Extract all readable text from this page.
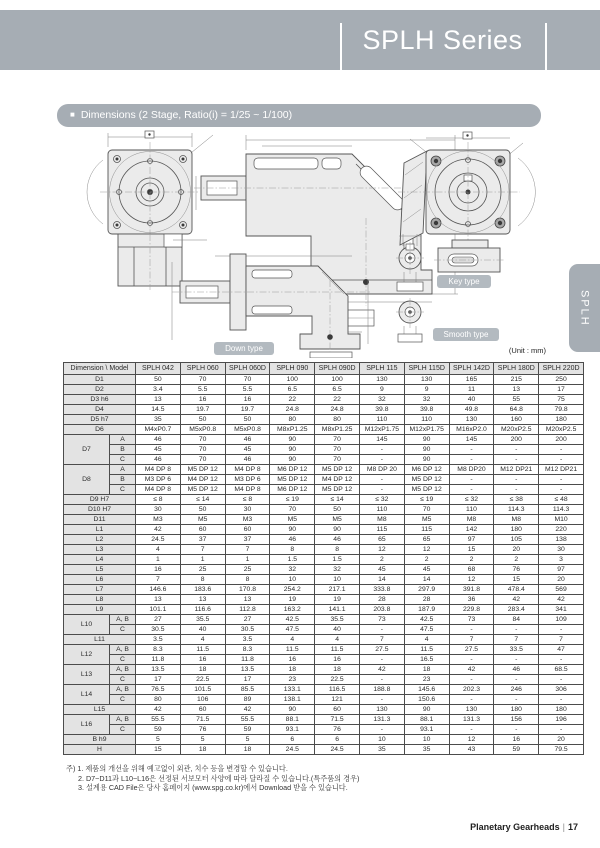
SPLH Series
■ Dimensions (2 Stage, Ratio(i) = 1/25 ~ 1/100)
Down type
Key type
Smooth type
(Unit : mm)
Dimension \ Model		SPLH 042	SPLH 060	SPLH 060D	SPLH 090	SPLH 090D	SPLH 115	SPLH 115D	SPLH 142D	SPLH 180D	SPLH 220D
D1		50	70	70	100	100	130	130	165	215	250
D2		3.4	5.5	5.5	6.5	6.5	9	9	11	13	17
D3 h6		13	16	16	22	22	32	32	40	55	75
D4		14.5	19.7	19.7	24.8	24.8	39.8	39.8	49.8	64.8	79.8
D5 h7		35	50	50	80	80	110	110	130	160	180
D6		M4xP0.7	M5xP0.8	M5xP0.8	M8xP1.25	M8xP1.25	M12xP1.75	M12xP1.75	M16xP2.0	M20xP2.5	M20xP2.5
D7	A	46	70	46	90	70	145	90	145	200	200
	B	45	70	45	90	70	-	90	-	-	-
	C	46	70	46	90	70	-	90	-	-	-
D8	A	M4 DP 8	M5 DP 12	M4 DP 8	M6 DP 12	M5 DP 12	M8 DP 20	M6 DP 12	M8 DP20	M12 DP21	M12 DP21
	B	M3 DP 6	M4 DP 12	M3 DP 6	M5 DP 12	M4 DP 12	-	M5 DP 12	-	-	-
	C	M4 DP 8	M5 DP 12	M4 DP 8	M6 DP 12	M5 DP 12	-	M5 DP 12	-	-	-
D9 H7		≤ 8	≤ 14	≤ 8	≤ 19	≤ 14	≤ 32	≤ 19	≤ 32	≤ 38	≤ 48
D10 H7		30	50	30	70	50	110	70	110	114.3	114.3
D11		M3	M5	M3	M5	M5	M8	M5	M8	M8	M10
L1		42	60	60	90	90	115	115	142	180	220
L2		24.5	37	37	46	46	65	65	97	105	138
L3		4	7	7	8	8	12	12	15	20	30
L4		1	1	1	1.5	1.5	2	2	2	2	3
L5		16	25	25	32	32	45	45	68	76	97
L6		7	8	8	10	10	14	14	12	15	20
L7		146.6	183.6	170.8	254.2	217.1	333.8	297.9	391.8	478.4	569
L8		13	13	13	19	19	28	28	36	42	42
L9		101.1	116.6	112.8	163.2	141.1	203.8	187.9	229.8	283.4	341
L10	A, B	27	35.5	27	42.5	35.5	73	42.5	73	84	109
	C	30.5	40	30.5	47.5	40	-	47.5	-	-	-
L11		3.5	4	3.5	4	4	7	4	7	7	7
L12	A, B	8.3	11.5	8.3	11.5	11.5	27.5	11.5	27.5	33.5	47
	C	11.8	16	11.8	16	16	-	16.5	-	-	-
L13	A, B	13.5	18	13.5	18	18	42	18	42	46	68.5
	C	17	22.5	17	23	22.5	-	23	-	-	-
L14	A, B	76.5	101.5	85.5	133.1	116.5	188.8	145.6	202.3	246	306
	C	80	106	89	138.1	121	-	150.6	-	-	-
L15		42	60	42	90	60	130	90	130	180	180
L16	A, B	55.5	71.5	55.5	88.1	71.5	131.3	88.1	131.3	156	196
	C	59	76	59	93.1	76	-	93.1	-	-	-
B h9		5	5	5	6	6	10	10	12	16	20
H		15	18	18	24.5	24.5	35	35	43	59	79.5
주) 1. 제품의 개선을 위해 예고없이 외관, 치수 등을 변경할 수 있습니다.
2. D7~D11과 L10~L16은 선정된 서보모터 사양에 따라 달라질 수 있습니다.(특주품의 경우)
3. 설계용 CAD File은 당사 홈페이지 (www.spg.co.kr)에서 Download 받을 수 있습니다.
Planetary Gearheads | 17
SPLH
